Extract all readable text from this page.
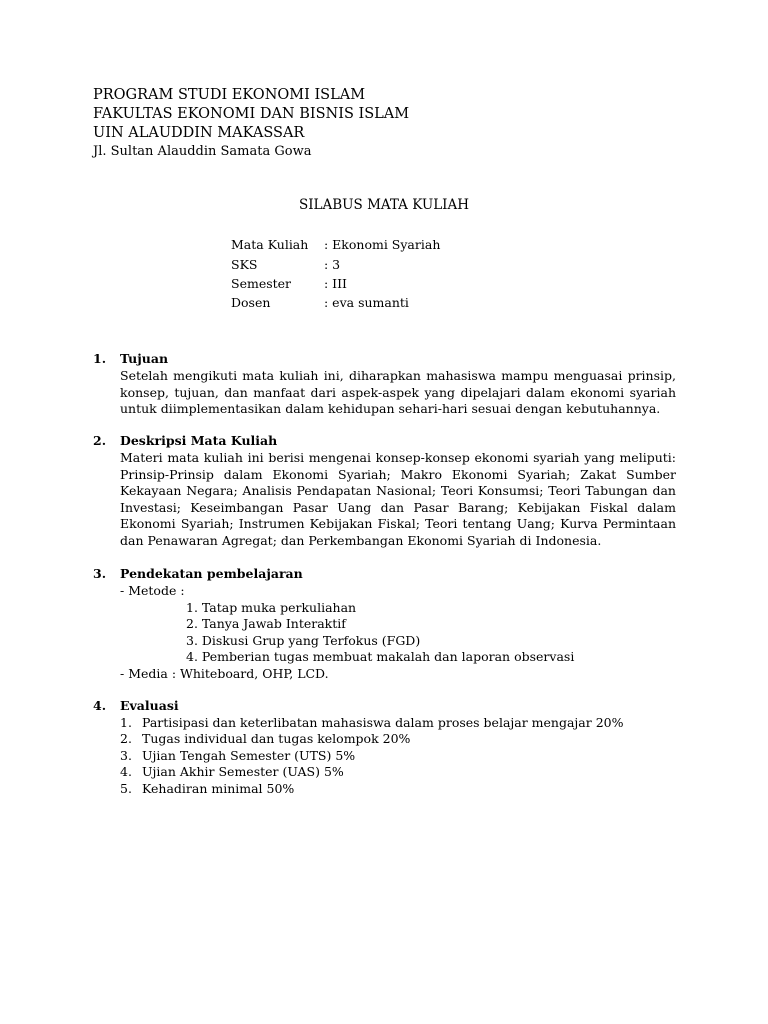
PROGRAM STUDI EKONOMI ISLAM
FAKULTAS EKONOMI DAN BISNIS ISLAM
UIN ALAUDDIN MAKASSAR
Jl. Sultan Alauddin Samata Gowa
SILABUS MATA KULIAH
Mata Kuliah : Ekonomi Syariah
SKS	: 3
Semester	: III
Dosen	: eva sumanti
1. Tujuan
Setelah mengikuti mata kuliah ini, diharapkan mahasiswa mampu menguasai prinsip,
konsep, tujuan, dan manfaat dari aspek-aspek yang dipelajari dalam ekonomi syariah
untuk diimplementasikan dalam kehidupan sehari-hari sesuai dengan kebutuhannya.
2. Deskripsi Mata Kuliah
Materi mata kuliah ini berisi mengenai konsep-konsep ekonomi syariah yang meliputi:
Prinsip-Prinsip dalam Ekonomi Syariah; Makro Ekonomi Syariah; Zakat Sumber
Kekayaan Negara; Analisis Pendapatan Nasional; Teori Konsumsi; Teori Tabungan dan
Investasi; Keseimbangan Pasar Uang dan Pasar Barang; Kebijakan Fiskal dalam
Ekonomi Syariah; Instrumen Kebijakan Fiskal; Teori tentang Uang; Kurva Permintaan
dan Penawaran Agregat; dan Perkembangan Ekonomi Syariah di Indonesia.
3. Pendekatan pembelajaran
- Metode :
1. Tatap muka perkuliahan
2. Tanya Jawab Interaktif
3. Diskusi Grup yang Terfokus (FGD)
4. Pemberian tugas membuat makalah dan laporan observasi
- Media : Whiteboard, OHP, LCD.
4. Evaluasi
1. Partisipasi dan keterlibatan mahasiswa dalam proses belajar mengajar 20%
2. Tugas individual dan tugas kelompok 20%
3. Ujian Tengah Semester (UTS) 5%
4. Ujian Akhir Semester (UAS) 5%
5. Kehadiran minimal 50%
